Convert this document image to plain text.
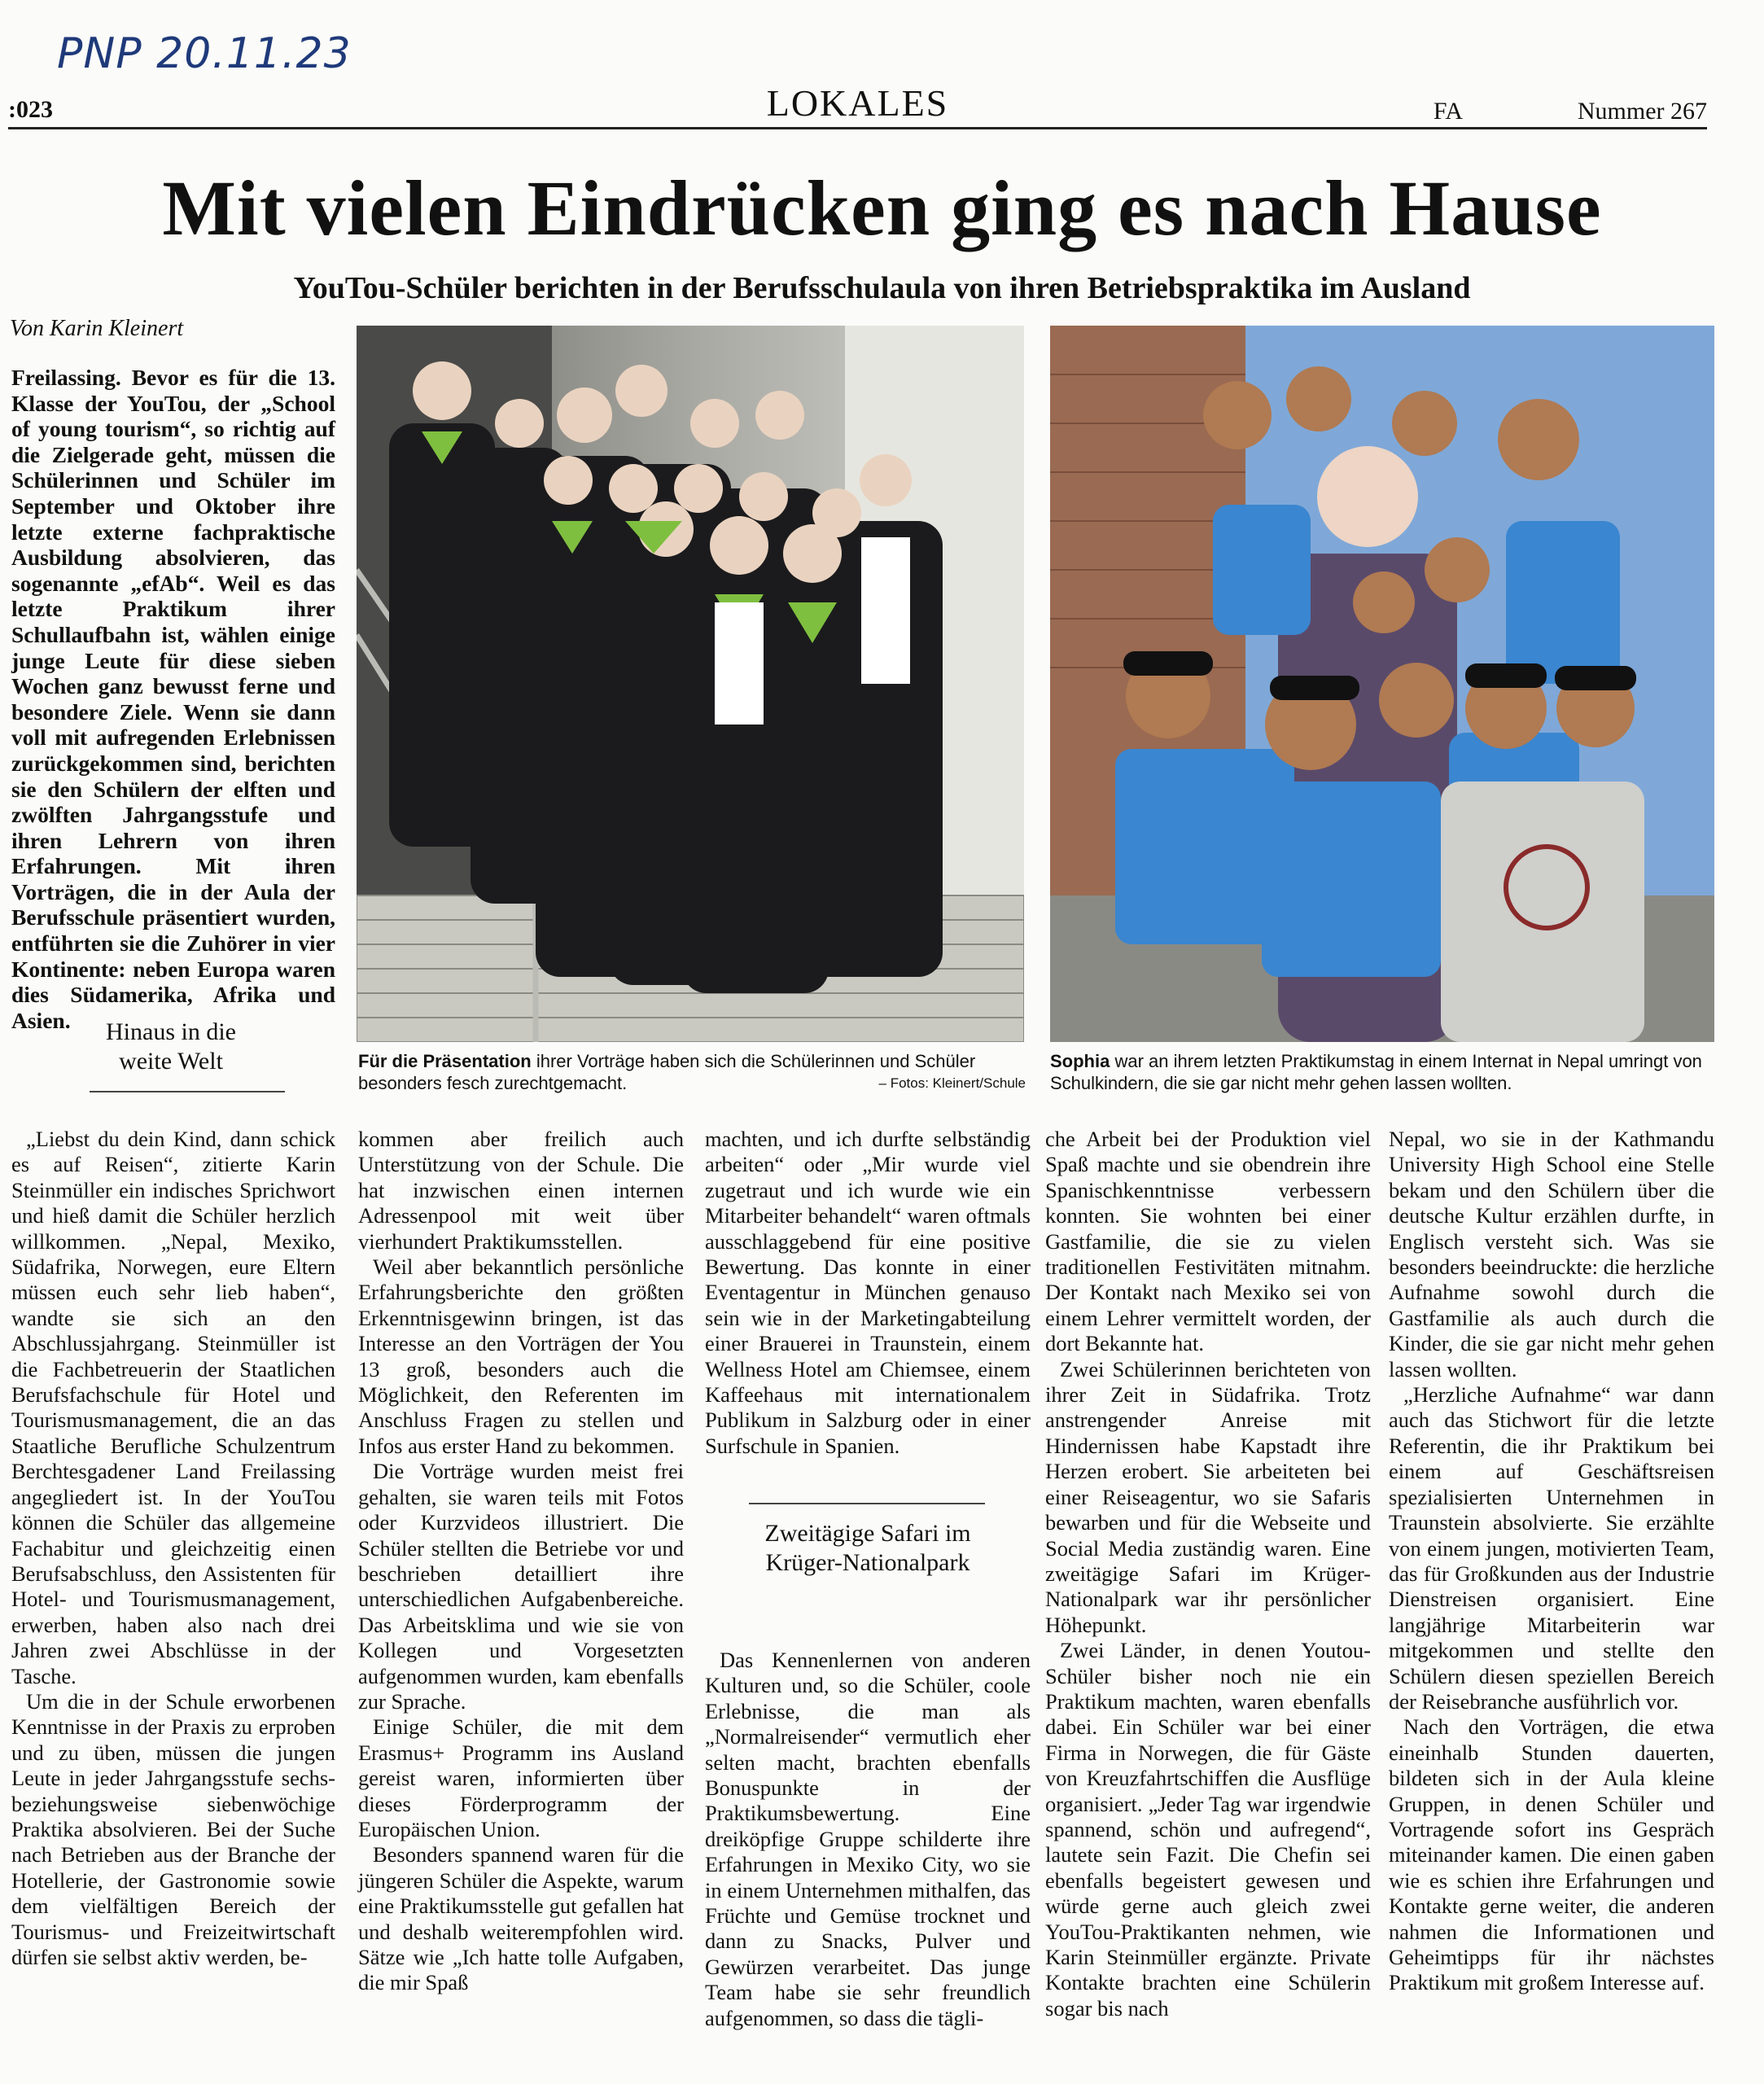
PNP 20.11.23
:023	LOKALES	FA	Nummer 267
Mit vielen Eindrücken ging es nach Hause
YouTou-Schüler berichten in der Berufsschulaula von ihren Betriebspraktika im Ausland
Von Karin Kleinert

Freilassing. Bevor es für die 13. Klasse der YouTou, der „School of young tourism“, so richtig auf die Zielgerade geht, müssen die Schülerinnen und Schüler im September und Oktober ihre letzte externe fachpraktische Ausbildung absolvieren, das sogenannte „efAb“. Weil es das letzte Praktikum ihrer Schullaufbahn ist, wählen einige junge Leute für diese sieben Wochen ganz bewusst ferne und besondere Ziele. Wenn sie dann voll mit aufregenden Erlebnissen zurückgekommen sind, berichten sie den Schülern der elften und zwölften Jahrgangsstufe und ihren Lehrern von ihren Erfahrungen. Mit ihren Vorträgen, die in der Aula der Berufsschule präsentiert wurden, entführten sie die Zuhörer in vier Kontinente: neben Europa waren dies Südamerika, Afrika und Asien.	Hinaus in die
weite Welt

„Liebst du dein Kind, dann schick es auf Reisen“, zitierte Karin Steinmüller ein indisches Sprichwort und hieß damit die Schüler herzlich willkommen. „Nepal, Mexiko, Südafrika, Norwegen, eure Eltern müssen euch sehr lieb haben“, wandte sie sich an den Abschlussjahrgang. Steinmüller ist die Fachbetreuerin der Staatlichen Berufsfachschule für Hotel und Tourismusmanagement, die an das Staatliche Berufliche Schulzentrum Berchtesgadener Land Freilassing angegliedert ist. In der YouTou können die Schüler das allgemeine Fachabitur und gleichzeitig einen Berufsabschluss, den Assistenten für Hotel- und Tourismusmanagement, erwerben, haben also nach drei Jahren zwei Abschlüsse in der Tasche.

Um die in der Schule erworbenen Kenntnisse in der Praxis zu erproben und zu üben, müssen die jungen Leute in jeder Jahrgangsstufe sechs- beziehungsweise siebenwöchige Praktika absolvieren. Bei der Suche nach Betrieben aus der Branche der Hotellerie, der Gastronomie sowie dem vielfältigen Bereich der Tourismus- und Freizeitwirtschaft dürfen sie selbst aktiv werden, be-

Für die Präsentation ihrer Vorträge haben sich die Schülerinnen und Schüler besonders fesch zurechtgemacht.	– Fotos: Kleinert/Schule
Sophia war an ihrem letzten Praktikumstag in einem Internat in Nepal umringt von Schulkindern, die sie gar nicht mehr gehen lassen wollten.

kommen aber freilich auch Unterstützung von der Schule. Die hat inzwischen einen internen Adressenpool mit weit über vierhundert Praktikumsstellen.

Weil aber bekanntlich persönliche Erfahrungsberichte den größten Erkenntnisgewinn bringen, ist das Interesse an den Vorträgen der You 13 groß, besonders auch die Möglichkeit, den Referenten im Anschluss Fragen zu stellen und Infos aus erster Hand zu bekommen.

Die Vorträge wurden meist frei gehalten, sie waren teils mit Fotos oder Kurzvideos illustriert. Die Schüler stellten die Betriebe vor und beschrieben detailliert ihre unterschiedlichen Aufgabenbereiche. Das Arbeitsklima und wie sie von Kollegen und Vorgesetzten aufgenommen wurden, kam ebenfalls zur Sprache.

Einige Schüler, die mit dem Erasmus+ Programm ins Ausland gereist waren, informierten über dieses Förderprogramm der Europäischen Union.

Besonders spannend waren für die jüngeren Schüler die Aspekte, warum eine Praktikumsstelle gut gefallen hat und deshalb weiterempfohlen wird. Sätze wie „Ich hatte tolle Aufgaben, die mir Spaß

machten, und ich durfte selbständig arbeiten“ oder „Mir wurde viel zugetraut und ich wurde wie ein Mitarbeiter behandelt“ waren oftmals ausschlaggebend für eine positive Bewertung. Das konnte in einer Eventagentur in München genauso sein wie in der Marketingabteilung einer Brauerei in Traunstein, einem Wellness Hotel am Chiemsee, einem Kaffeehaus mit internationalem Publikum in Salzburg oder in einer Surfschule in Spanien.

Zweitägige Safari im
Krüger-Nationalpark

Das Kennenlernen von anderen Kulturen und, so die Schüler, coole Erlebnisse, die man als „Normalreisender“ vermutlich eher selten macht, brachten ebenfalls Bonuspunkte in der Praktikumsbewertung. Eine dreiköpfige Gruppe schilderte ihre Erfahrungen in Mexiko City, wo sie in einem Unternehmen mithalfen, das Früchte und Gemüse trocknet und dann zu Snacks, Pulver und Gewürzen verarbeitet. Das junge Team habe sie sehr freundlich aufgenommen, so dass die tägli-

che Arbeit bei der Produktion viel Spaß machte und sie obendrein ihre Spanischkenntnisse verbessern konnten. Sie wohnten bei einer Gastfamilie, die sie zu vielen traditionellen Festivitäten mitnahm. Der Kontakt nach Mexiko sei von einem Lehrer vermittelt worden, der dort Bekannte hat.

Zwei Schülerinnen berichteten von ihrer Zeit in Südafrika. Trotz anstrengender Anreise mit Hindernissen habe Kapstadt ihre Herzen erobert. Sie arbeiteten bei einer Reiseagentur, wo sie Safaris bewarben und für die Webseite und Social Media zuständig waren. Eine zweitägige Safari im Krüger-Nationalpark war ihr persönlicher Höhepunkt.

Zwei Länder, in denen Youtou-Schüler bisher noch nie ein Praktikum machten, waren ebenfalls dabei. Ein Schüler war bei einer Firma in Norwegen, die für Gäste von Kreuzfahrtschiffen die Ausflüge organisiert. „Jeder Tag war irgendwie spannend, schön und aufregend“, lautete sein Fazit. Die Chefin sei ebenfalls begeistert gewesen und würde gerne auch gleich zwei YouTou-Praktikanten nehmen, wie Karin Steinmüller ergänzte. Private Kontakte brachten eine Schülerin sogar bis nach

Nepal, wo sie in der Kathmandu University High School eine Stelle bekam und den Schülern über die deutsche Kultur erzählen durfte, in Englisch versteht sich. Was sie besonders beeindruckte: die herzliche Aufnahme sowohl durch die Gastfamilie als auch durch die Kinder, die sie gar nicht mehr gehen lassen wollten.

„Herzliche Aufnahme“ war dann auch das Stichwort für die letzte Referentin, die ihr Praktikum bei einem auf Geschäftsreisen spezialisierten Unternehmen in Traunstein absolvierte. Sie erzählte von einem jungen, motivierten Team, das für Großkunden aus der Industrie Dienstreisen organisiert. Eine langjährige Mitarbeiterin war mitgekommen und stellte den Schülern diesen speziellen Bereich der Reisebranche ausführlich vor.

Nach den Vorträgen, die etwa eineinhalb Stunden dauerten, bildeten sich in der Aula kleine Gruppen, in denen Schüler und Vortragende sofort ins Gespräch miteinander kamen. Die einen gaben wie es schien ihre Erfahrungen und Kontakte gerne weiter, die anderen nahmen die Informationen und Geheimtipps für ihr nächstes Praktikum mit großem Interesse auf.
